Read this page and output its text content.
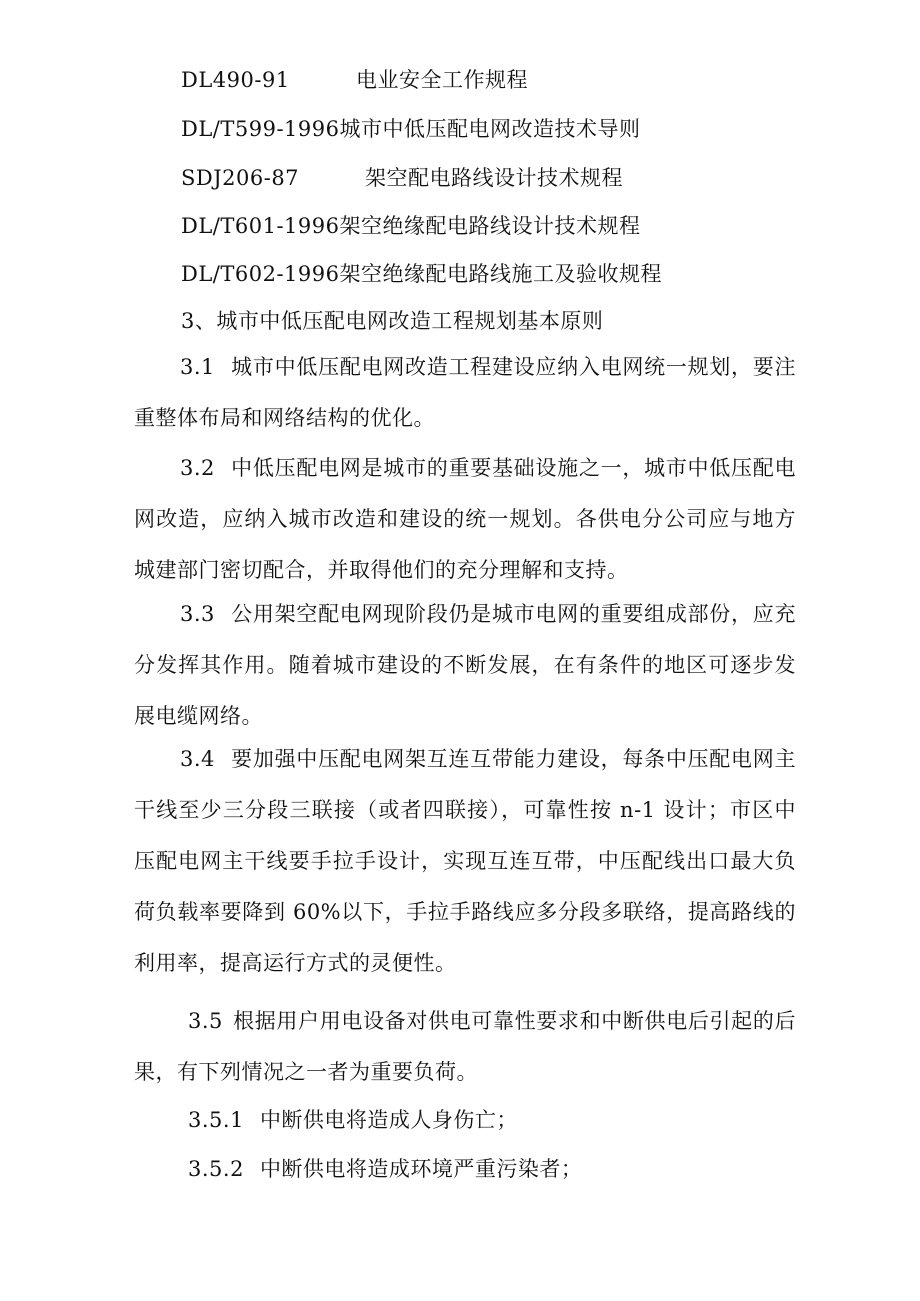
DL490-91	电业安全工作规程
DL/T599-1996城市中低压配电网改造技术导则
SDJ206-87	架空配电路线设计技术规程
DL/T601-1996架空绝缘配电路线设计技术规程
DL/T602-1996架空绝缘配电路线施工及验收规程
3、城市中低压配电网改造工程规划基本原则
3.1 城市中低压配电网改造工程建设应纳入电网统一规划，要注重整体布局和网络结构的优化。
3.2 中低压配电网是城市的重要基础设施之一，城市中低压配电网改造，应纳入城市改造和建设的统一规划。各供电分公司应与地方城建部门密切配合，并取得他们的充分理解和支持。
3.3 公用架空配电网现阶段仍是城市电网的重要组成部份，应充分发挥其作用。随着城市建设的不断发展，在有条件的地区可逐步发展电缆网络。
3.4 要加强中压配电网架互连互带能力建设，每条中压配电网主干线至少三分段三联接（或者四联接），可靠性按 n-1 设计；市区中压配电网主干线要手拉手设计，实现互连互带，中压配线出口最大负荷负载率要降到 60%以下，手拉手路线应多分段多联络，提高路线的利用率，提高运行方式的灵便性。
3.5 根据用户用电设备对供电可靠性要求和中断供电后引起的后果，有下列情况之一者为重要负荷。
3.5.1 中断供电将造成人身伤亡；
3.5.2 中断供电将造成环境严重污染者；
